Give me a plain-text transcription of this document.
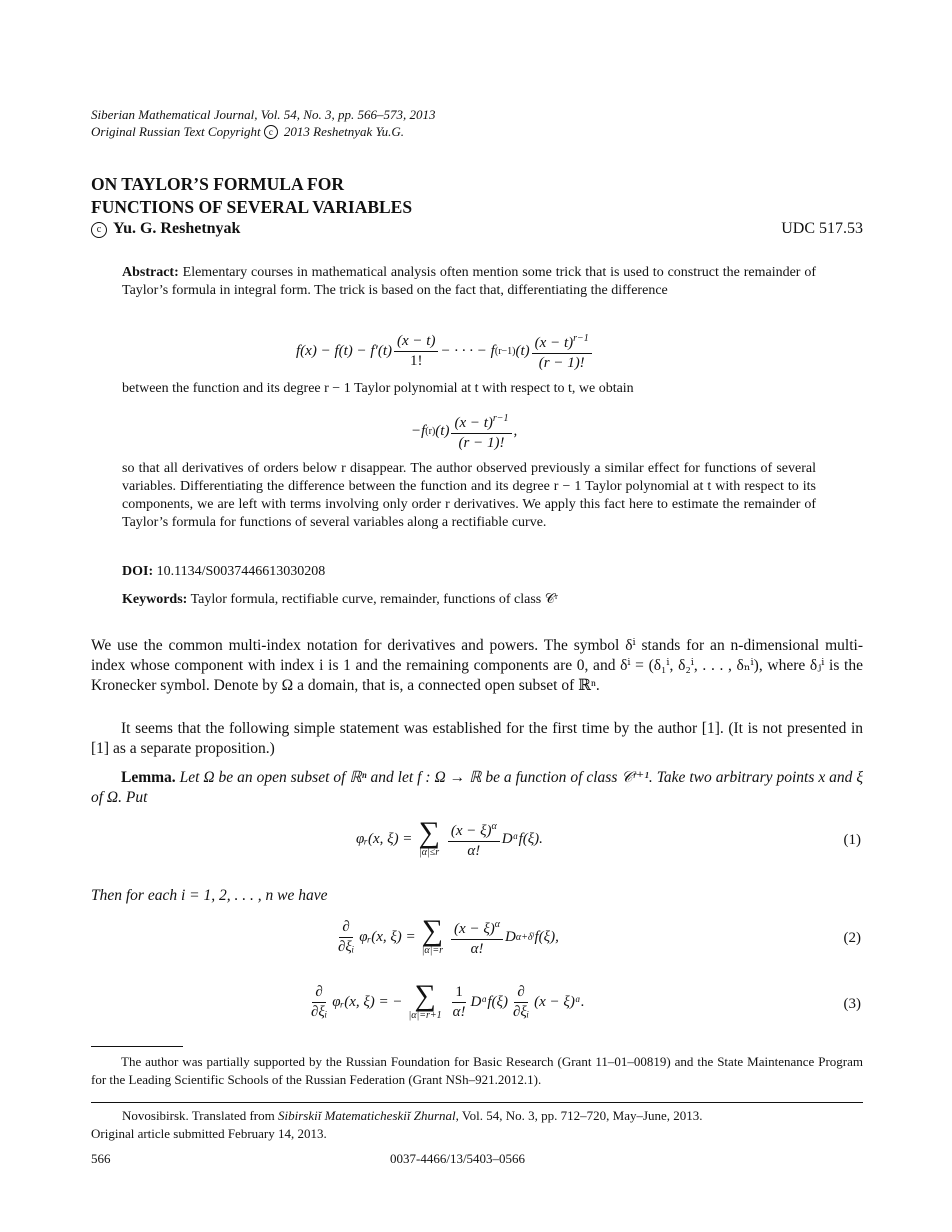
Siberian Mathematical Journal, Vol. 54, No. 3, pp. 566–573, 2013
Original Russian Text Copyright c 2013 Reshetnyak Yu.G.
ON TAYLOR’S FORMULA FOR
FUNCTIONS OF SEVERAL VARIABLES
c Yu. G. Reshetnyak	UDC 517.53
Abstract: Elementary courses in mathematical analysis often mention some trick that is used to construct the remainder of Taylor’s formula in integral form. The trick is based on the fact that, differentiating the difference
$f(x) - f(t) - f'(t) \frac{(x - t)}{1!}$ − · · · − f (r−1) $(t) \frac{(x - t)^{r-1}}{(r - 1)!}$
between the function and its degree r − 1 Taylor polynomial at t with respect to t, we obtain
−f (r) $(t) \frac{(x - t)^{r-1}}{(r - 1)!}$ ,
so that all derivatives of orders below r disappear. The author observed previously a similar effect for functions of several variables. Differentiating the difference between the function and its degree r − 1 Taylor polynomial at t with respect to its components, we are left with terms involving only order r derivatives. We apply this fact here to estimate the remainder of Taylor’s formula for functions of several variables along a rectifiable curve.
DOI: 10.1134/S0037446613030208
Keywords: Taylor formula, rectifiable curve, remainder, functions of class 𝒞ʳ
We use the common multi-index notation for derivatives and powers. The symbol δⁱ stands for an n-dimensional multi-index whose component with index i is 1 and the remaining components are 0, and δⁱ = (δ₁ⁱ, δ₂ⁱ, . . . , δₙⁱ), where δⱼⁱ is the Kronecker symbol. Denote by Ω a domain, that is, a connected open subset of ℝⁿ.
It seems that the following simple statement was established for the first time by the author [1]. (It is not presented in [1] as a separate proposition.)
Lemma. Let Ω be an open subset of ℝⁿ and let f : Ω → ℝ be a function of class 𝒞ʳ⁺¹. Take two arbitrary points x and ξ of Ω. Put
φᵣ(x, ξ) = ∑
$|\alpha|\le r \frac{(x - \xi)^\alpha}{\alpha!}$ Dᵅf(ξ).	(1)
Then for each i = 1, 2, . . . , n we have
$\frac{\partial}{\text{∂ξᵢ}}$ φᵣ(x, ξ) = ∑
$|\alpha|=r \frac{(x - \xi)^\alpha}{\alpha!}$ D α+δⁱ f(ξ),	(2)
$\frac{\partial}{\text{∂ξᵢ}}$ φᵣ(x, ξ) = − ∑
$|\alpha|=r+1 \frac{1}{\alpha!}$ Dᵅf(ξ) $\frac{\partial}{\text{∂ξᵢ}} (x$ − ξ)ᵅ.	(3)
The author was partially supported by the Russian Foundation for Basic Research (Grant 11–01–00819) and the State Maintenance Program for the Leading Scientific Schools of the Russian Federation (Grant NSh–921.2012.1).
Novosibirsk. Translated from Sibirskiĭ Matematicheskiĭ Zhurnal, Vol. 54, No. 3, pp. 712–720, May–June, 2013.
Original article submitted February 14, 2013.
566	0037-4466/13/5403–0566
